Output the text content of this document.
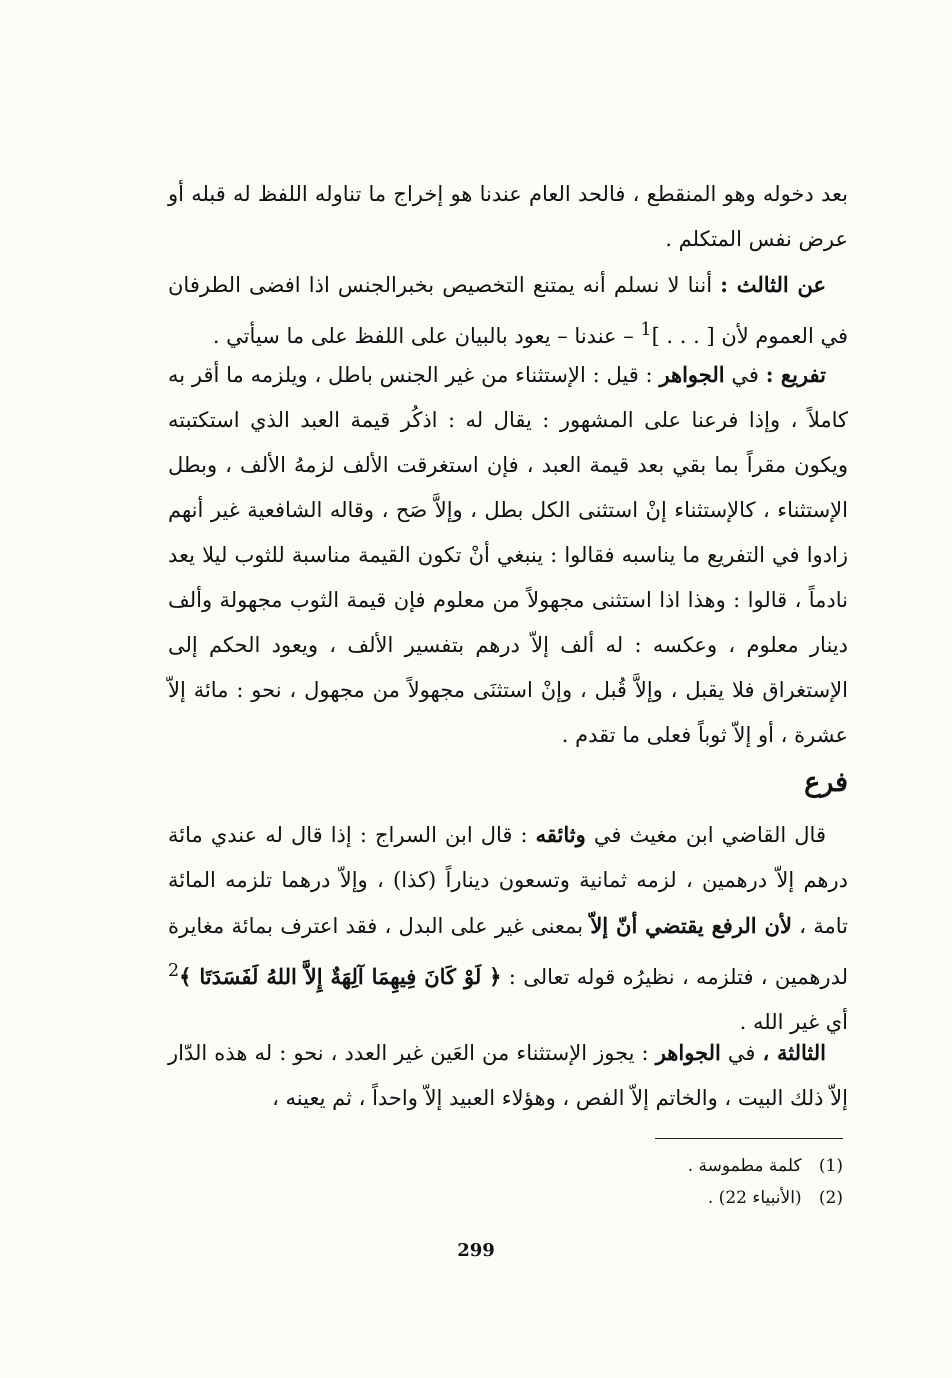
بعد دخوله وهو المنقطع ، فالحد العام عندنا هو إخراج ما تناوله اللفظ له قبله أو عرض نفس المتكلم .

عن الثالث : أننا لا نسلم أنه يمتنع التخصيص بخبرالجنس اذا افضى الطرفان في العموم لأن [ . . . ]$^1$ – عندنا – يعود بالبيان على اللفظ على ما سيأتي .

تفريع : في الجواهر : قيل : الإستثناء من غير الجنس باطل ، ويلزمه ما أقر به كاملاً ، وإذا فرعنا على المشهور : يقال له : اذكُر قيمة العبد الذي استكتبته ويكون مقراً بما بقي بعد قيمة العبد ، فإن استغرقت الألف لزمهُ الألف ، وبطل الإستثناء ، كالإستثناء إنْ استثنى الكل بطل ، وإلاَّ صَح ، وقاله الشافعية غير أنهم زادوا في التفريع ما يناسبه فقالوا : ينبغي أنْ تكون القيمة مناسبة للثوب ليلا يعد نادماً ، قالوا : وهذا اذا استثنى مجهولاً من معلوم فإن قيمة الثوب مجهولة وألف دينار معلوم ، وعكسه : له ألف إلاّ درهم بتفسير الألف ، ويعود الحكم إلى الإستغراق فلا يقبل ، وإلاَّ قُبل ، وإنْ استثنَى مجهولاً من مجهول ، نحو : مائة إلاّ عشرة ، أو إلاّ ثوباً فعلى ما تقدم .

فرع

قال القاضي ابن مغيث في وثائقه : قال ابن السراج : إذا قال له عندي مائة درهم إلاّ درهمين ، لزمه ثمانية وتسعون ديناراً (كذا) ، وإلاّ درهما تلزمه المائة تامة ، لأن الرفع يقتضي أنّ إلاّ بمعنى غير على البدل ، فقد اعترف بمائة مغايرة لدرهمين ، فتلزمه ، نظيرُه قوله تعالى : ﴿ لَوْ كَانَ فِيهِمَا آلِهَةٌ إِلاَّ اللهُ لَفَسَدَتَا ﴾$^2$ أي غير الله .

الثالثة ، في الجواهر : يجوز الإستثناء من العَين غير العدد ، نحو : له هذه الدّار إلاّ ذلك البيت ، والخاتم إلاّ الفص ، وهؤلاء العبيد إلاّ واحداً ، ثم يعينه ،

(1) كلمة مطموسة .
(2) (الأنبياء 22) .
299
